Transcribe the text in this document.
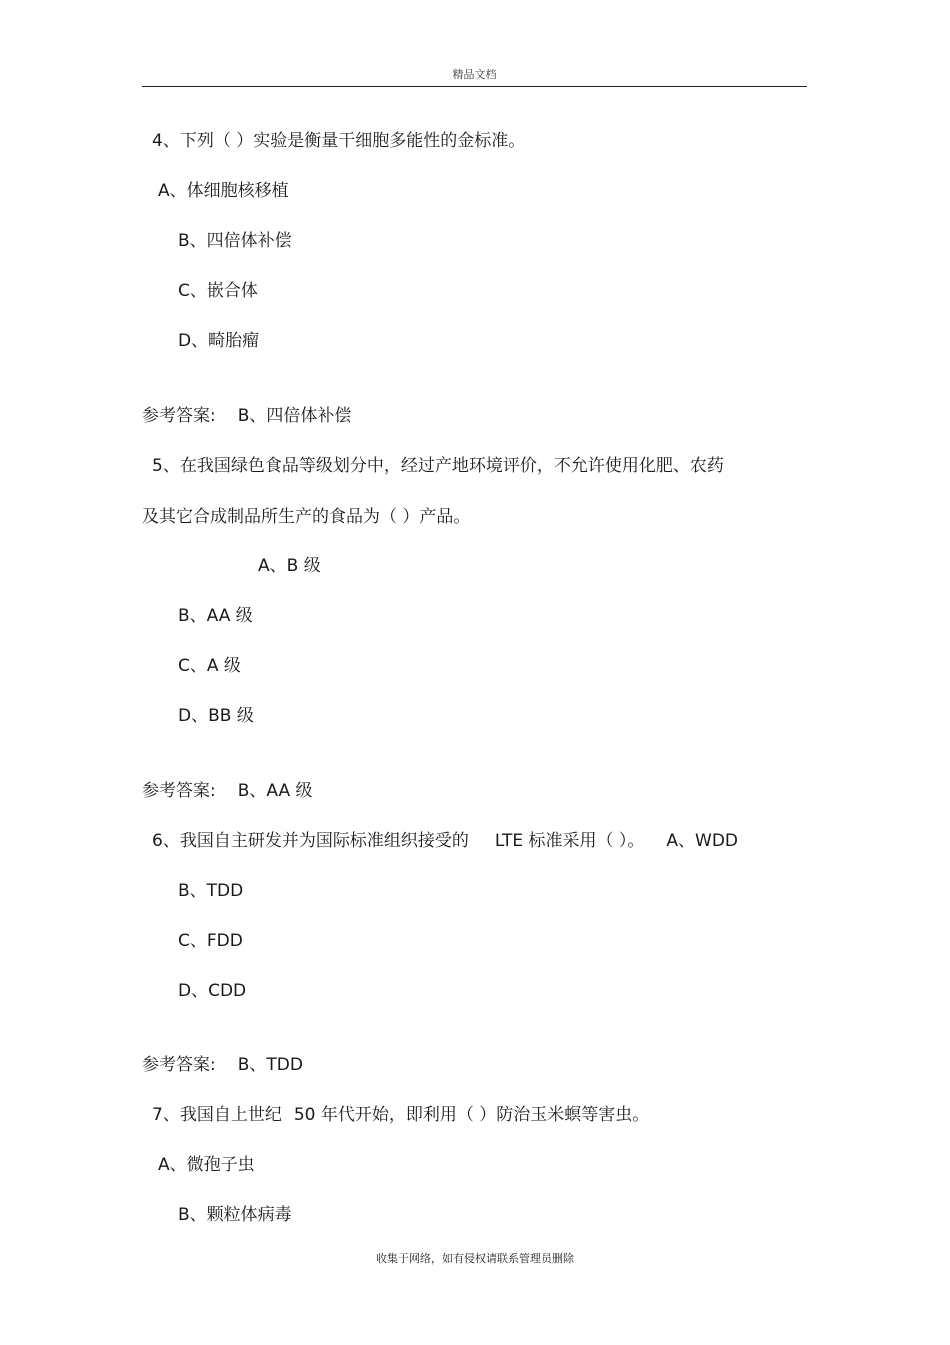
精品文档
4、下列（ ）实验是衡量干细胞多能性的金标准。
A、体细胞核移植
B、四倍体补偿
C、嵌合体
D、畸胎瘤
参考答案: B、四倍体补偿
5、在我国绿色食品等级划分中，经过产地环境评价，不允许使用化肥、农药
及其它合成制品所生产的食品为（ ）产品。
A、B 级
B、AA 级
C、A 级
D、BB 级
参考答案: B、AA 级
6、我国自主研发并为国际标准组织接受的 LTE 标准采用（ ）。 A、WDD
B、TDD
C、FDD
D、CDD
参考答案: B、TDD
7、我国自上世纪 50 年代开始，即利用（ ）防治玉米螟等害虫。
A、微孢子虫
B、颗粒体病毒
收集于网络，如有侵权请联系管理员删除
